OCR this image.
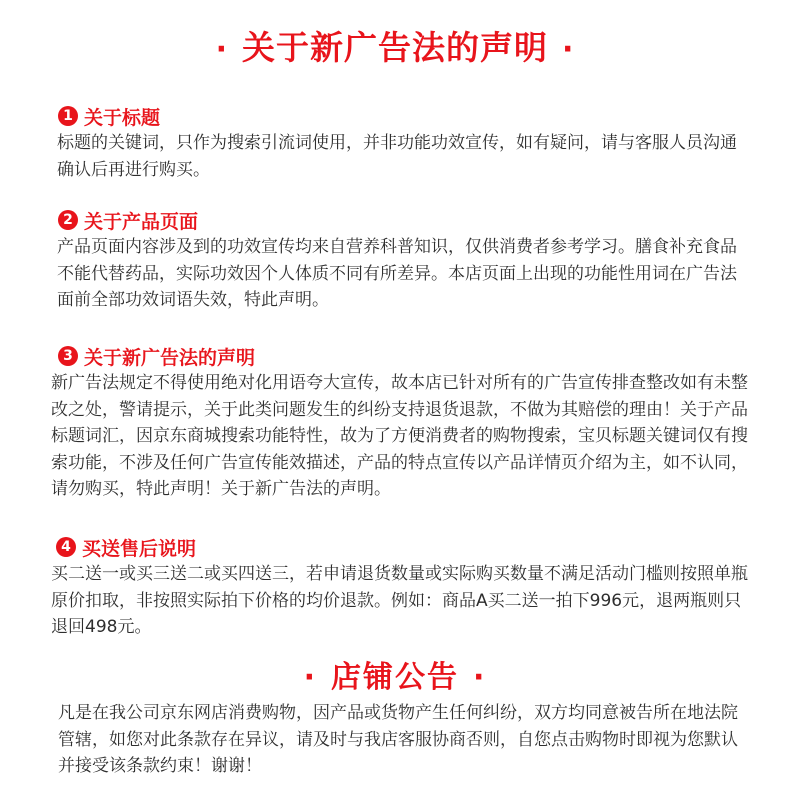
· 关于新广告法的声明 ·
1 关于标题

标题的关键词，只作为搜索引流词使用，并非功能功效宣传，如有疑问，请与客服人员沟通确认后再进行购买。

2 关于产品页面

产品页面内容涉及到的功效宣传均来自营养科普知识，仅供消费者参考学习。膳食补充食品不能代替药品，实际功效因个人体质不同有所差异。本店页面上出现的功能性用词在广告法面前全部功效词语失效，特此声明。

3 关于新广告法的声明

新广告法规定不得使用绝对化用语夸大宣传，故本店已针对所有的广告宣传排查整改如有未整改之处，警请提示，关于此类问题发生的纠纷支持退货退款，不做为其赔偿的理由！关于产品标题词汇，因京东商城搜索功能特性，故为了方便消费者的购物搜索，宝贝标题关键词仅有搜索功能，不涉及任何广告宣传能效描述，产品的特点宣传以产品详情页介绍为主，如不认同，请勿购买，特此声明！关于新广告法的声明。

4 买送售后说明

买二送一或买三送二或买四送三，若申请退货数量或实际购买数量不满足活动门槛则按照单瓶原价扣取，非按照实际拍下价格的均价退款。例如：商品A买二送一拍下996元，退两瓶则只退回498元。

· 店铺公告 ·

凡是在我公司京东网店消费购物，因产品或货物产生任何纠纷，双方均同意被告所在地法院管辖，如您对此条款存在异议，请及时与我店客服协商否则，自您点击购物时即视为您默认并接受该条款约束！谢谢！
